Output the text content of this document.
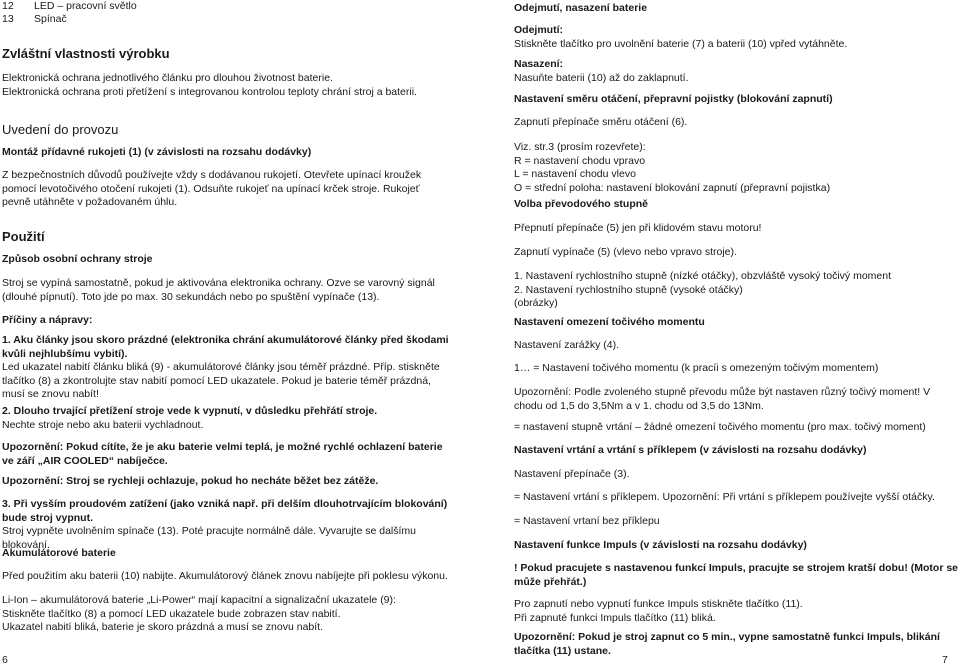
12 LED – pracovní světlo
13 Spínač
Zvláštní vlastnosti výrobku
Elektronická ochrana jednotlivého článku pro dlouhou životnost baterie.
Elektronická ochrana proti přetížení s integrovanou kontrolou teploty chrání stroj a baterii.
Uvedení do provozu
Montáž přídavné rukojeti (1) (v závislosti na rozsahu dodávky)
Z bezpečnostních důvodů používejte vždy s dodávanou rukojetí. Otevřete upínací kroužek pomocí levotočivého otočení rukojeti (1). Odsuňte rukojeť na upínací krček stroje. Rukojeť pevně utáhněte v požadovaném úhlu.
Použití
Způsob osobní ochrany stroje
Stroj se vypíná samostatně, pokud je aktivována elektronika ochrany. Ozve se varovný signál (dlouhé pípnutí). Toto jde po max. 30 sekundách nebo po spuštění vypínače (13).
Příčiny a nápravy:
1. Aku články jsou skoro prázdné (elektronika chrání akumulátorové články před škodami kvůli nejhlubšímu vybití).
Led ukazatel nabití článku bliká (9) - akumulátorové články jsou téměř prázdné. Příp. stiskněte tlačítko (8) a zkontrolujte stav nabití pomocí LED ukazatele. Pokud je baterie téměř prázdná, musí se znovu nabít!
2. Dlouho trvající přetížení stroje vede k vypnutí, v důsledku přehřátí stroje.
Nechte stroje nebo aku baterii vychladnout.
Upozornění: Pokud cítíte, že je aku baterie velmi teplá, je možné rychlé ochlazení baterie ve září „AIR COOLED“ nabíječce.
Upozornění: Stroj se rychleji ochlazuje, pokud ho necháte běžet bez zátěže.
3. Při vysším proudovém zatížení (jako vzniká např. při delším dlouhotrvajícím blokování) bude stroj vypnut.
Stroj vypněte uvolněním spínače (13). Poté pracujte normálně dále. Vyvarujte se dalšímu blokování.
Akumulátorové baterie
Před použitím aku baterii (10) nabijte. Akumulátorový článek znovu nabíjejte při poklesu výkonu.
Li-Ion – akumulátorová baterie „Li-Power“ mají kapacitní a signalizační ukazatele (9):
Stiskněte tlačítko (8) a pomocí LED ukazatele bude zobrazen stav nabití.
Ukazatel nabití bliká, baterie je skoro prázdná a musí se znovu nabít.
6
Odejmutí, nasazení baterie
Odejmutí:
Stiskněte tlačítko pro uvolnění baterie (7) a baterii (10) vpřed vytáhněte.
Nasazení:
Nasuňte baterii (10) až do zaklapnutí.
Nastavení směru otáčení, přepravní pojistky (blokování zapnutí)
Zapnutí přepínače směru otáčení (6).
Viz. str.3 (prosím rozevřete):
R = nastavení chodu vpravo
L = nastavení chodu vlevo
O = střední poloha: nastavení blokování zapnutí (přepravní pojistka)
Volba převodového stupně
Přepnutí přepínače (5) jen při klidovém stavu motoru!
Zapnutí vypínače (5) (vlevo nebo vpravo stroje).
1. Nastavení rychlostního stupně (nízké otáčky), obzvláště vysoký točivý moment
2. Nastavení rychlostního stupně (vysoké otáčky)
(obrázky)
Nastavení omezení točivého momentu
Nastavení zarážky (4).
1… = Nastavení točivého momentu (k pracíi s omezeným točivým momentem)
Upozornění: Podle zvoleného stupně převodu může být nastaven různý točivý moment! V chodu od 1,5 do 3,5Nm a v 1. chodu od 3,5 do 13Nm.
= nastavení stupně vrtání – žádné omezení točivého momentu (pro max. točivý moment)
Nastavení vrtání a vrtání s příklepem (v závislosti na rozsahu dodávky)
Nastavení přepínače (3).
= Nastavení vrtání s příklepem. Upozornění: Při vrtání s příklepem používejte vyšší otáčky.
= Nastavení vrtaní bez příklepu
Nastavení funkce Impuls (v závislosti na rozsahu dodávky)
! Pokud pracujete s nastavenou funkcí Impuls, pracujte se strojem kratší dobu! (Motor se může přehřát.)
Pro zapnutí nebo vypnutí funkce Impuls stiskněte tlačítko (11).
Při zapnuté funkci Impuls tlačítko (11) bliká.
Upozornění: Pokud je stroj zapnut co 5 min., vypne samostatně funkci Impuls, blikání tlačítka (11) ustane.
7
